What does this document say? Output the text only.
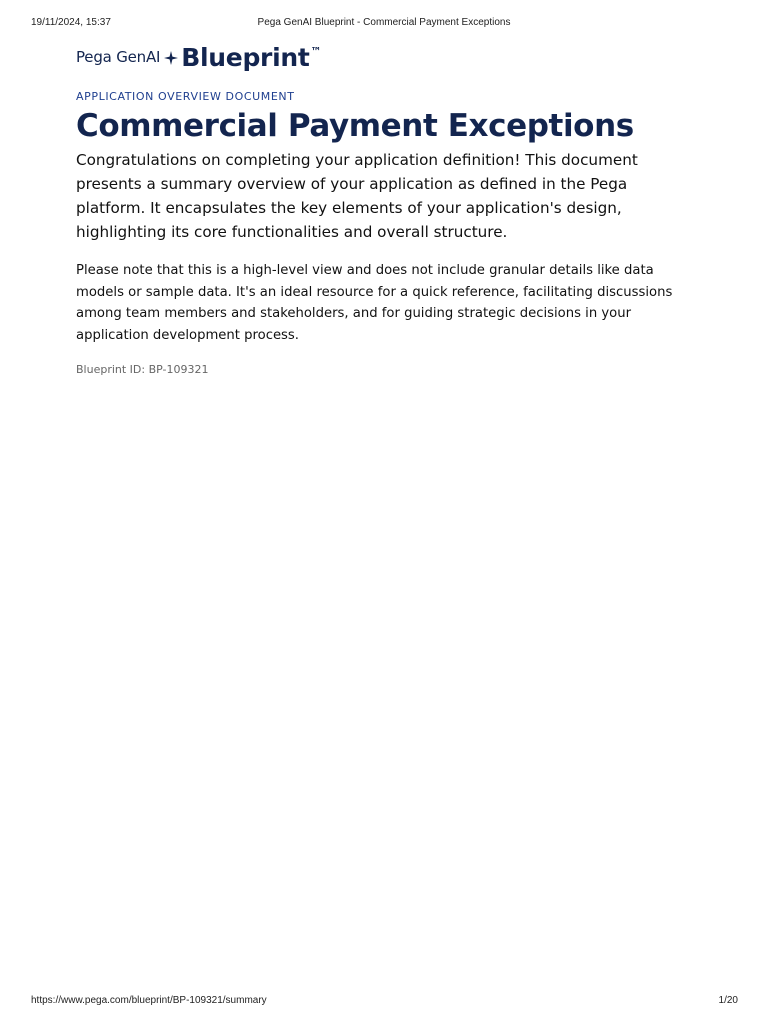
19/11/2024, 15:37	Pega GenAI Blueprint - Commercial Payment Exceptions
Pega GenAI Blueprint ™
APPLICATION OVERVIEW DOCUMENT
Commercial Payment Exceptions

Congratulations on completing your application definition! This document presents a summary overview of your application as defined in the Pega platform. It encapsulates the key elements of your application's design, highlighting its core functionalities and overall structure.

Please note that this is a high-level view and does not include granular details like data models or sample data. It's an ideal resource for a quick reference, facilitating discussions among team members and stakeholders, and for guiding strategic decisions in your application development process.

Blueprint ID: BP-109321
https://www.pega.com/blueprint/BP-109321/summary	1/20
